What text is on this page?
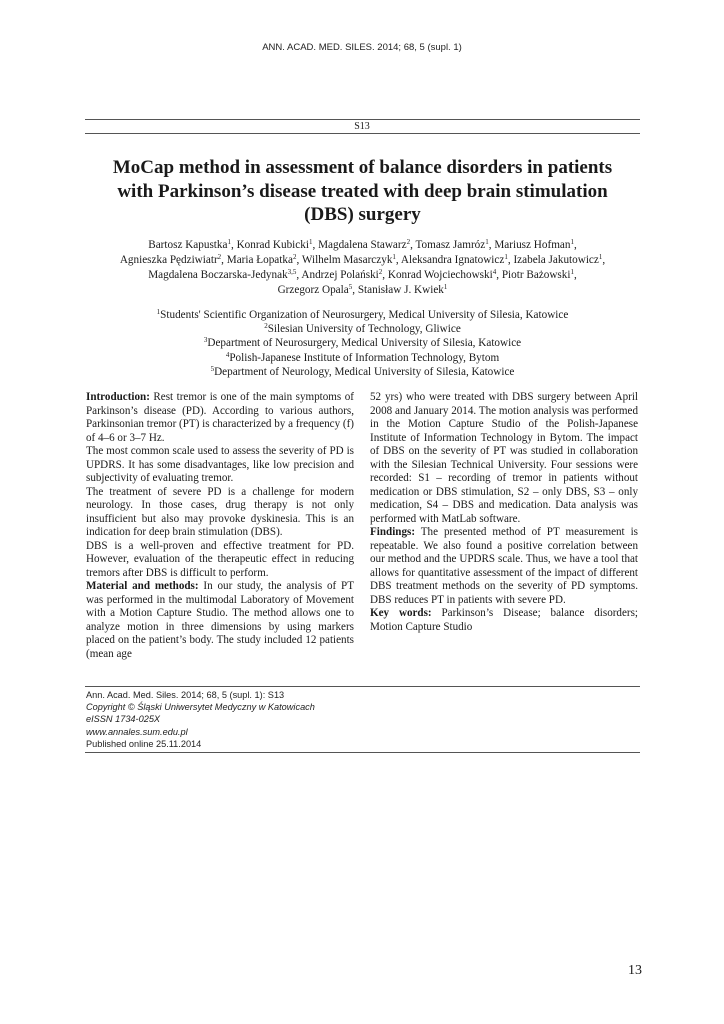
ANN. ACAD. MED. SILES. 2014; 68, 5 (supl. 1)
S13
MoCap method in assessment of balance disorders in patients
with Parkinson’s disease treated with deep brain stimulation
(DBS) surgery
Bartosz Kapustka$^1$, Konrad Kubicki$^1$, Magdalena Stawarz$^2$, Tomasz Jamróz$^1$, Mariusz Hofman$^1$,
Agnieszka Pędziwiatr$^2$, Maria Łopatka$^2$, Wilhelm Masarczyk$^1$, Aleksandra Ignatowicz$^1$, Izabela Jakutowicz$^1$,
Magdalena Boczarska-Jedynak$^{3,5}$, Andrzej Polański$^2$, Konrad Wojciechowski$^4$, Piotr Bażowski$^1$,
Grzegorz Opala$^5$, Stanisław J. Kwiek$^1$
$^1$Students' Scientific Organization of Neurosurgery, Medical University of Silesia, Katowice
$^2$Silesian University of Technology, Gliwice
$^3$Department of Neurosurgery, Medical University of Silesia, Katowice
$^4$Polish-Japanese Institute of Information Technology, Bytom
$^5$Department of Neurology, Medical University of Silesia, Katowice

Introduction: Rest tremor is one of the main symptoms of Parkinson’s disease (PD). According to various authors, Parkinsonian tremor (PT) is characterized by a frequency (f) of 4–6 or 3–7 Hz.

The most common scale used to assess the severity of PD is UPDRS. It has some disadvantages, like low precision and subjectivity of evaluating tremor.

The treatment of severe PD is a challenge for modern neurology. In those cases, drug therapy is not only insufficient but also may provoke dyskinesia. This is an indication for deep brain stimulation (DBS).

DBS is a well-proven and effective treatment for PD. However, evaluation of the therapeutic effect in reducing tremors after DBS is difficult to perform.

Material and methods: In our study, the analysis of PT was performed in the multimodal Laboratory of Movement with a Motion Capture Studio. The method allows one to analyze motion in three dimensions by using markers placed on the patient’s body. The study included 12 patients (mean age

52 yrs) who were treated with DBS surgery between April 2008 and January 2014. The motion analysis was performed in the Motion Capture Studio of the Polish-Japanese Institute of Information Technology in Bytom. The impact of DBS on the severity of PT was studied in collaboration with the Silesian Technical University. Four sessions were recorded: S1 – recording of tremor in patients without medication or DBS stimulation, S2 – only DBS, S3 – only medication, S4 – DBS and medication. Data analysis was performed with MatLab software.

Findings: The presented method of PT measurement is repeatable. We also found a positive correlation between our method and the UPDRS scale. Thus, we have a tool that allows for quantitative assessment of the impact of different DBS treatment methods on the severity of PD symptoms. DBS reduces PT in patients with severe PD.

Key words: Parkinson’s Disease; balance disorders; Motion Capture Studio

Ann. Acad. Med. Siles. 2014; 68, 5 (supl. 1): S13
Copyright © Śląski Uniwersytet Medyczny w Katowicach
eISSN 1734-025X
www.annales.sum.edu.pl
Published online 25.11.2014
13
